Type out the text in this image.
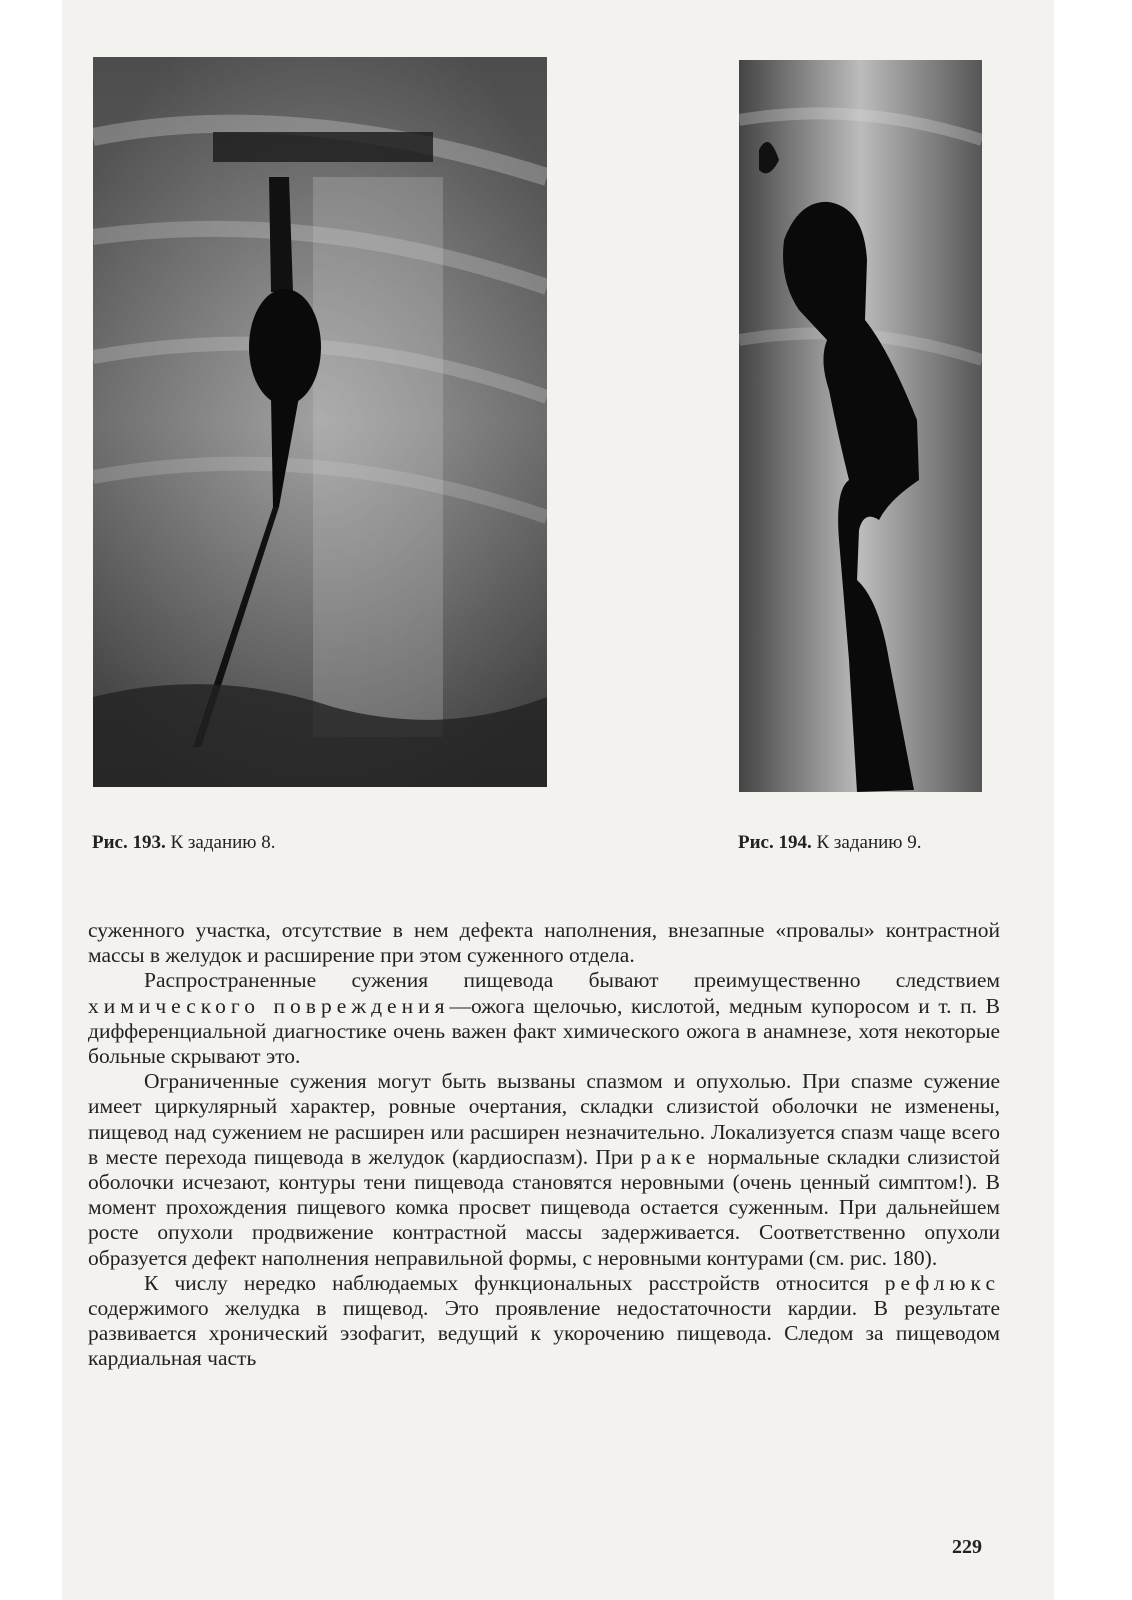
Рис. 193. К заданию 8.	Рис. 194. К заданию 9.

суженного участка, отсутствие в нем дефекта наполнения, внезапные «провалы» контрастной массы в желудок и расширение при этом суженного отдела.

Распространенные сужения пищевода бывают преимущественно следствием химического повреждения—ожога щелочью, кислотой, медным купоросом и т. п. В дифференциальной диагностике очень важен факт химического ожога в анамнезе, хотя некоторые больные скрывают это.

Ограниченные сужения могут быть вызваны спазмом и опухолью. При спазме сужение имеет циркулярный характер, ровные очертания, складки слизистой оболочки не изменены, пищевод над сужением не расширен или расширен незначительно. Локализуется спазм чаще всего в месте перехода пищевода в желудок (кардиоспазм). При раке нормальные складки слизистой оболочки исчезают, контуры тени пищевода становятся неровными (очень ценный симптом!). В момент прохождения пищевого комка просвет пищевода остается суженным. При дальнейшем росте опухоли продвижение контрастной массы задерживается. Соответственно опухоли образуется дефект наполнения неправильной формы, с неровными контурами (см. рис. 180).

К числу нередко наблюдаемых функциональных расстройств относится рефлюкс содержимого желудка в пищевод. Это проявление недостаточности кардии. В результате развивается хронический эзофагит, ведущий к укорочению пищевода. Следом за пищеводом кардиальная часть

229
